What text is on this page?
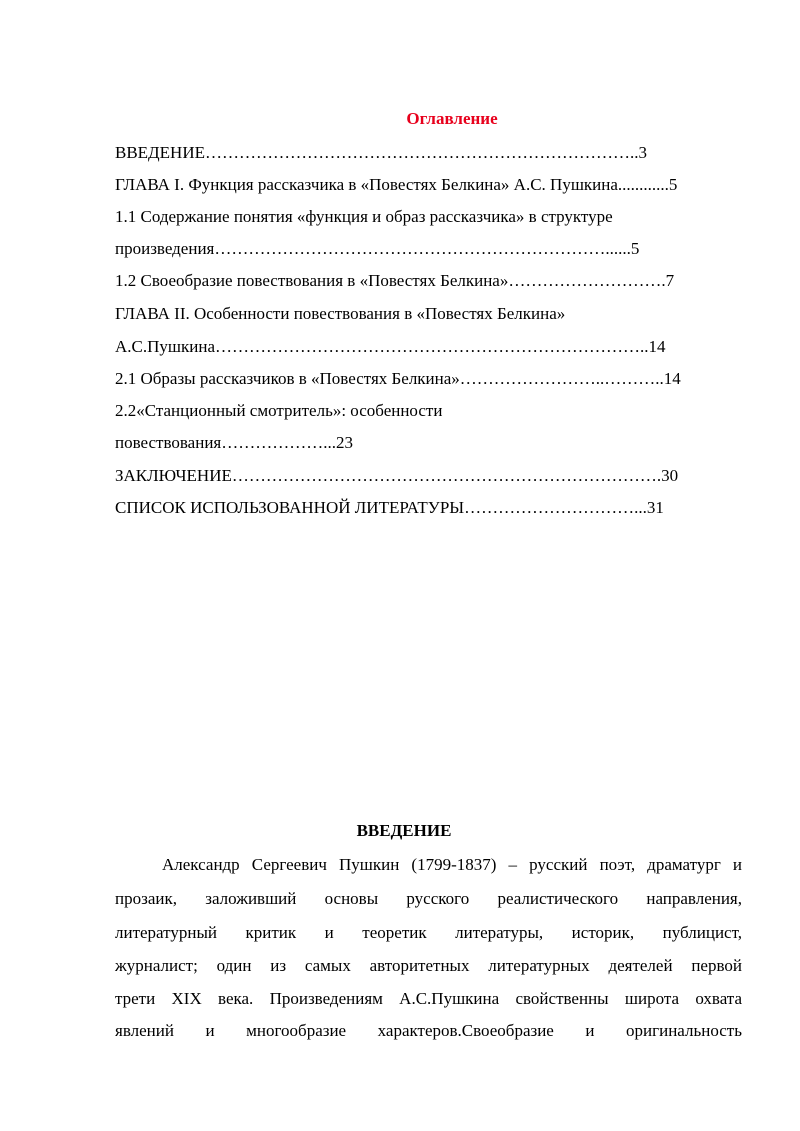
Оглавление
ВВЕДЕНИЕ…………………………………………………………………..3
ГЛАВА I. Функция рассказчика в «Повестях Белкина» А.С. Пушкина............5
1.1 Содержание понятия «функция и образ рассказчика» в структуре
произведения……………………………………………………………......5
1.2 Своеобразие повествования в «Повестях Белкина»……………………….7
ГЛАВА II. Особенности повествования в «Повестях Белкина»
А.С.Пушкина…………………………………………………………………..14
2.1 Образы рассказчиков в «Повестях Белкина»……………………..………..14
2.2«Станционный смотритель»: особенности
повествования………………...23
ЗАКЛЮЧЕНИЕ………………………………………………………………….30
СПИСОК ИСПОЛЬЗОВАННОЙ ЛИТЕРАТУРЫ…………………………...31
ВВЕДЕНИЕ
Александр Сергеевич Пушкин (1799-1837) – русский поэт, драматург и
прозаик, заложивший основы русского реалистического направления,
литературный критик и теоретик литературы, историк, публицист,
журналист; один из самых авторитетных литературных деятелей первой
трети XIX века. Произведениям А.С.Пушкина свойственны широта охвата
явлений и многообразие характеров.Своеобразие и оригинальность
